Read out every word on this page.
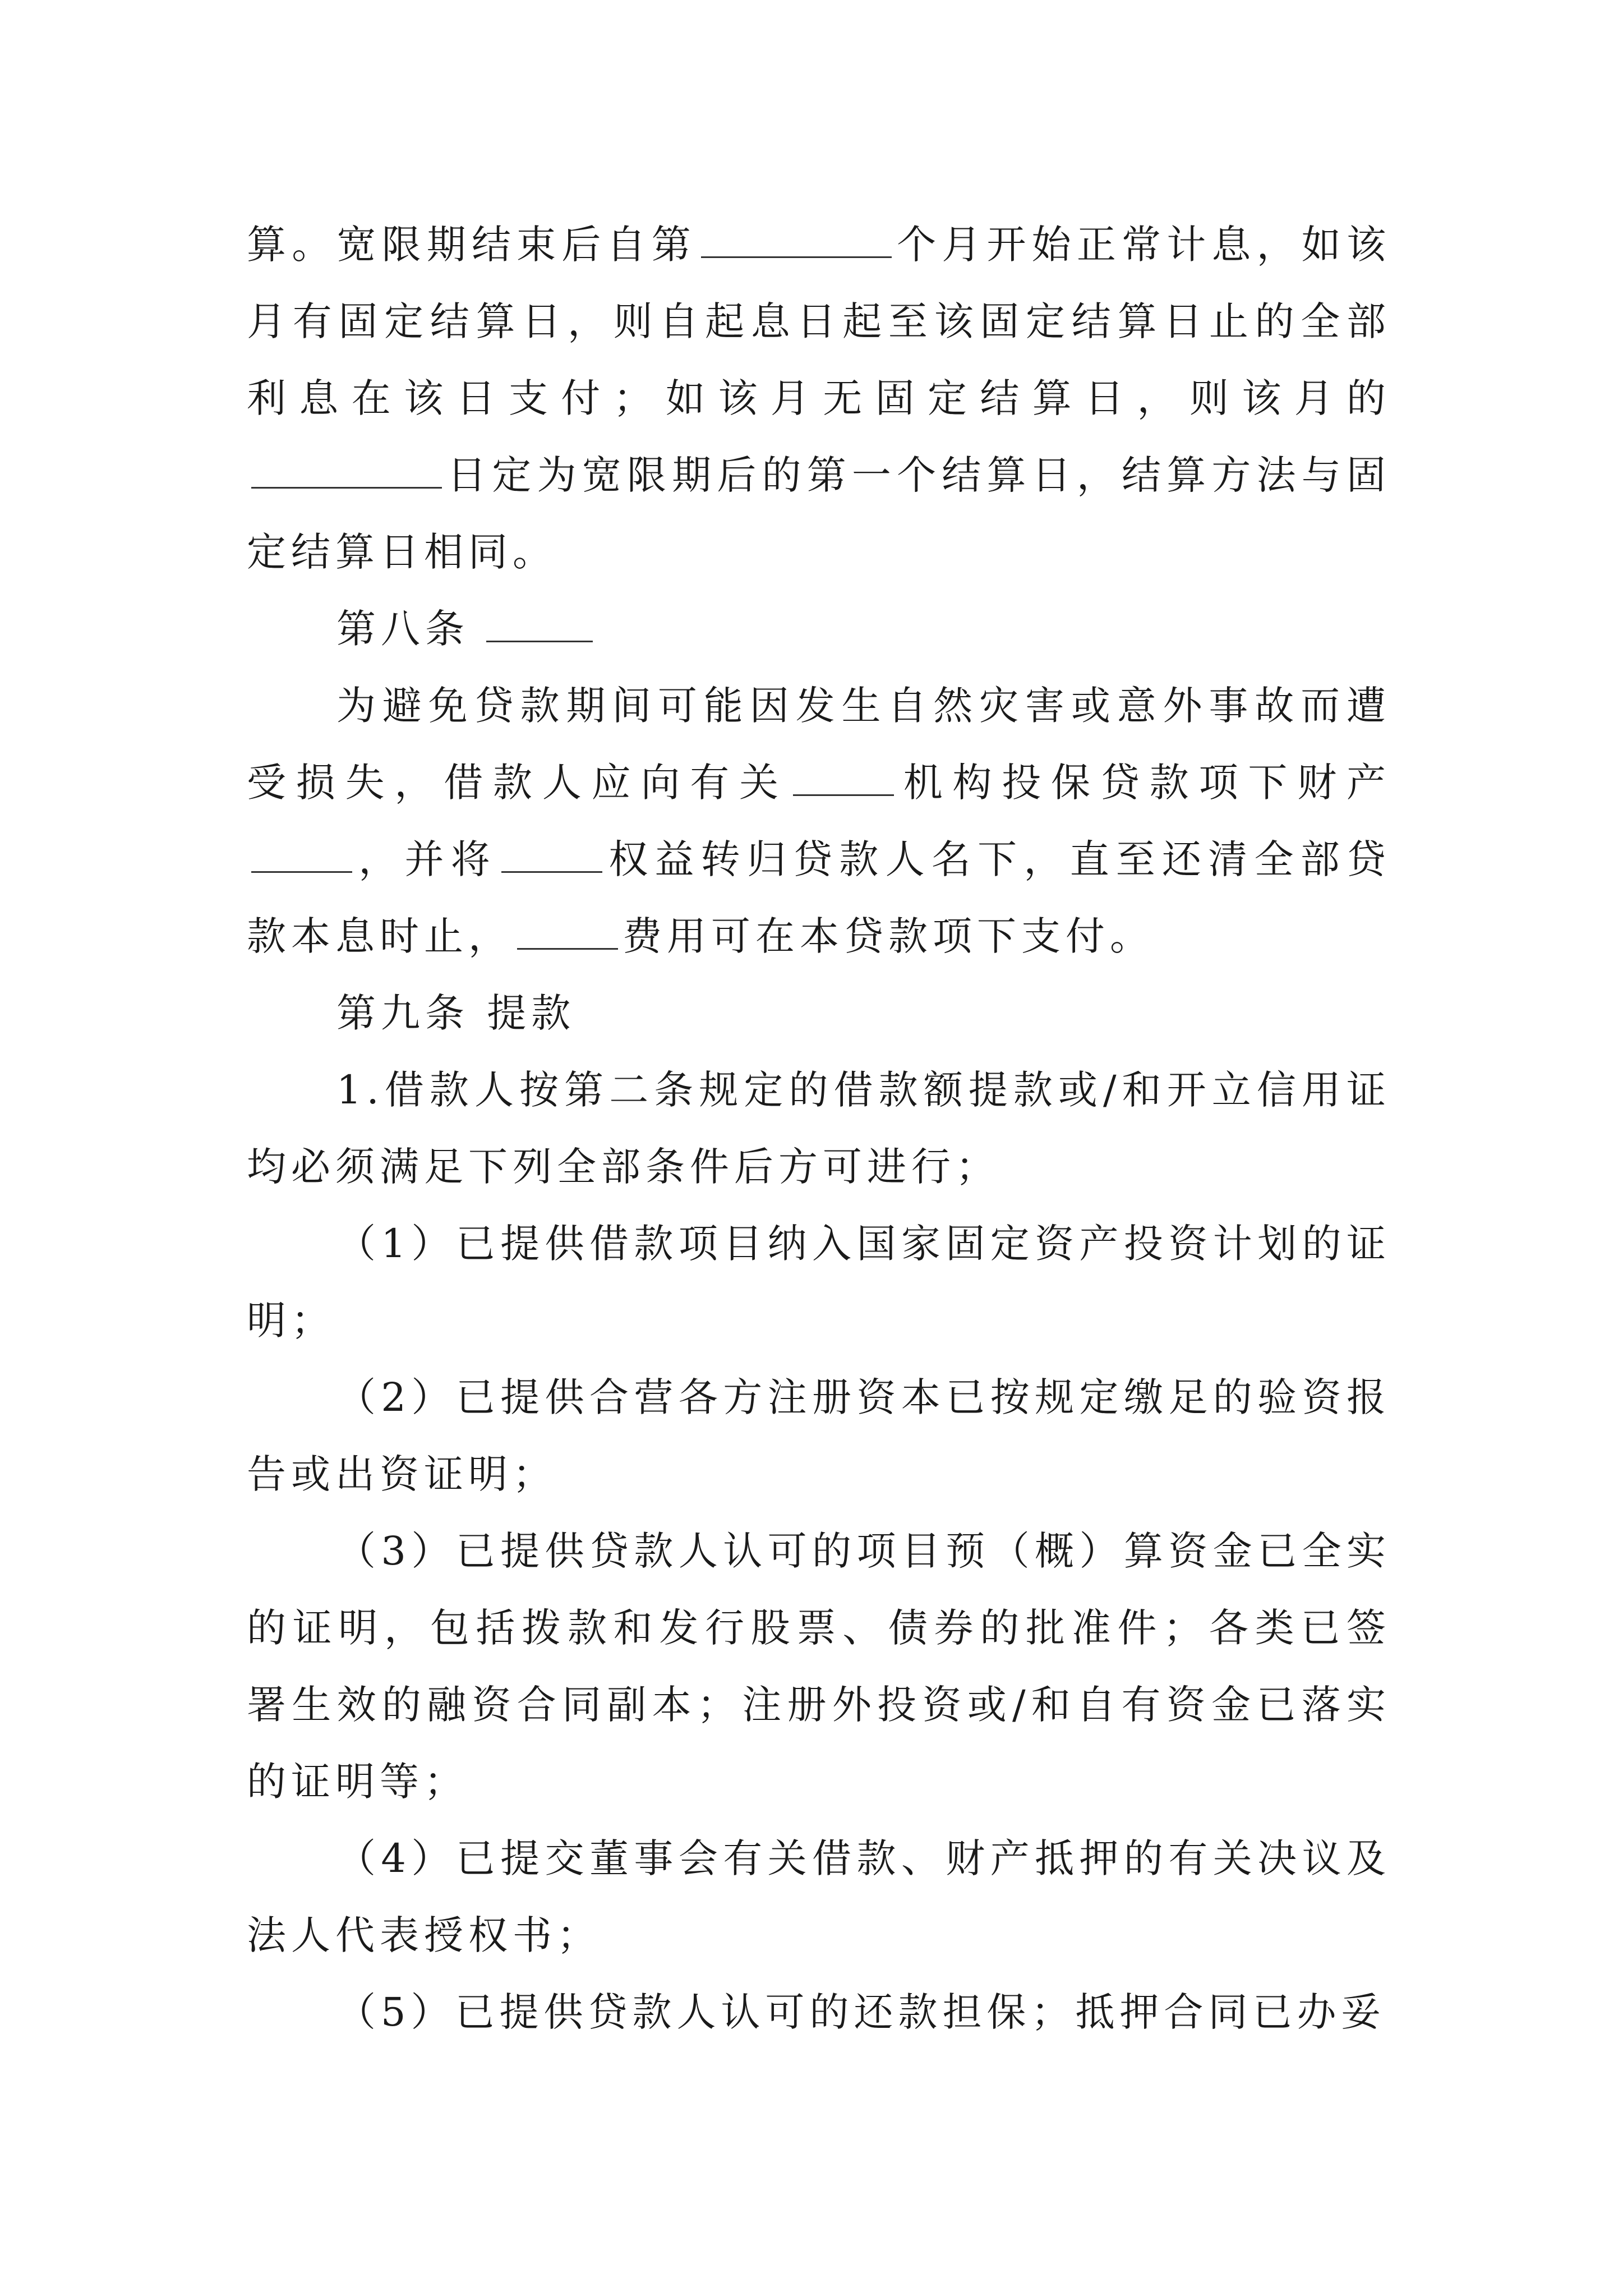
算。宽限期结束后自第	个月开始正常计息，如该月有固定结算日，则自起息日起至该固定结算日止的全部利息在该日支付；如该月无固定结算日，则该月的日定为宽限期后的第一个结算日，结算方法与固定结算日相同。

第八条

为避免贷款期间可能因发生自然灾害或意外事故而遭受损失，借款人应向有关	机构投保贷款项下财产，并将	权益转归贷款人名下，直至还清全部贷款本息时止，	费用可在本贷款项下支付。

第九条 提款

1.借款人按第二条规定的借款额提款或/和开立信用证均必须满足下列全部条件后方可进行；

（1）已提供借款项目纳入国家固定资产投资计划的证明；

（2）已提供合营各方注册资本已按规定缴足的验资报告或出资证明；

（3）已提供贷款人认可的项目预（概）算资金已全实的证明，包括拨款和发行股票、债券的批准件；各类已签署生效的融资合同副本；注册外投资或/和自有资金已落实的证明等；

（4）已提交董事会有关借款、财产抵押的有关决议及法人代表授权书；

（5）已提供贷款人认可的还款担保；抵押合同已办妥
